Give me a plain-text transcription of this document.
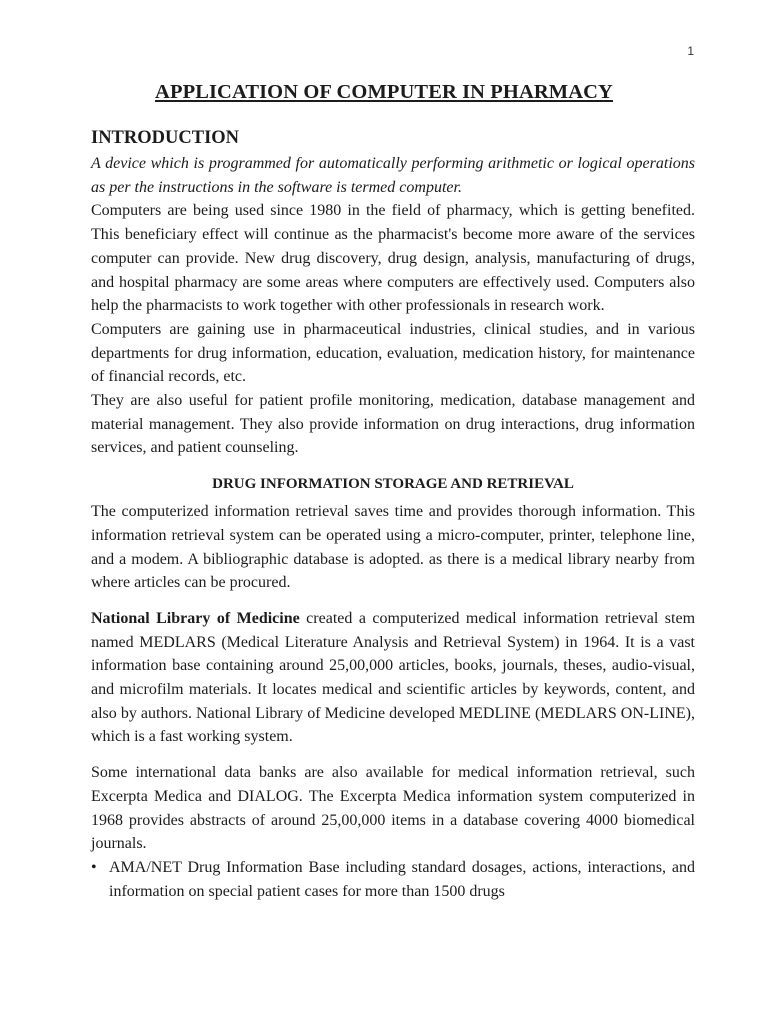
1
APPLICATION OF COMPUTER IN PHARMACY
INTRODUCTION

A device which is programmed for automatically performing arithmetic or logical operations as per the instructions in the software is termed computer.

Computers are being used since 1980 in the field of pharmacy, which is getting benefited. This beneficiary effect will continue as the pharmacist's become more aware of the services computer can provide. New drug discovery, drug design, analysis, manufacturing of drugs, and hospital pharmacy are some areas where computers are effectively used. Computers also help the pharmacists to work together with other professionals in research work.

Computers are gaining use in pharmaceutical industries, clinical studies, and in various departments for drug information, education, evaluation, medication history, for maintenance of financial records, etc.

They are also useful for patient profile monitoring, medication, database management and material management. They also provide information on drug interactions, drug information services, and patient counseling.

DRUG INFORMATION STORAGE AND RETRIEVAL

The computerized information retrieval saves time and provides thorough information. This information retrieval system can be operated using a micro-computer, printer, telephone line, and a modem. A bibliographic database is adopted. as there is a medical library nearby from where articles can be procured.

National Library of Medicine created a computerized medical information retrieval stem named MEDLARS (Medical Literature Analysis and Retrieval System) in 1964. It is a vast information base containing around 25,00,000 articles, books, journals, theses, audio-visual, and microfilm materials. It locates medical and scientific articles by keywords, content, and also by authors. National Library of Medicine developed MEDLINE (MEDLARS ON-LINE), which is a fast working system.

Some international data banks are also available for medical information retrieval, such Excerpta Medica and DIALOG. The Excerpta Medica information system computerized in 1968 provides abstracts of around 25,00,000 items in a database covering 4000 biomedical journals.

• AMA/NET Drug Information Base including standard dosages, actions, interactions, and information on special patient cases for more than 1500 drugs
